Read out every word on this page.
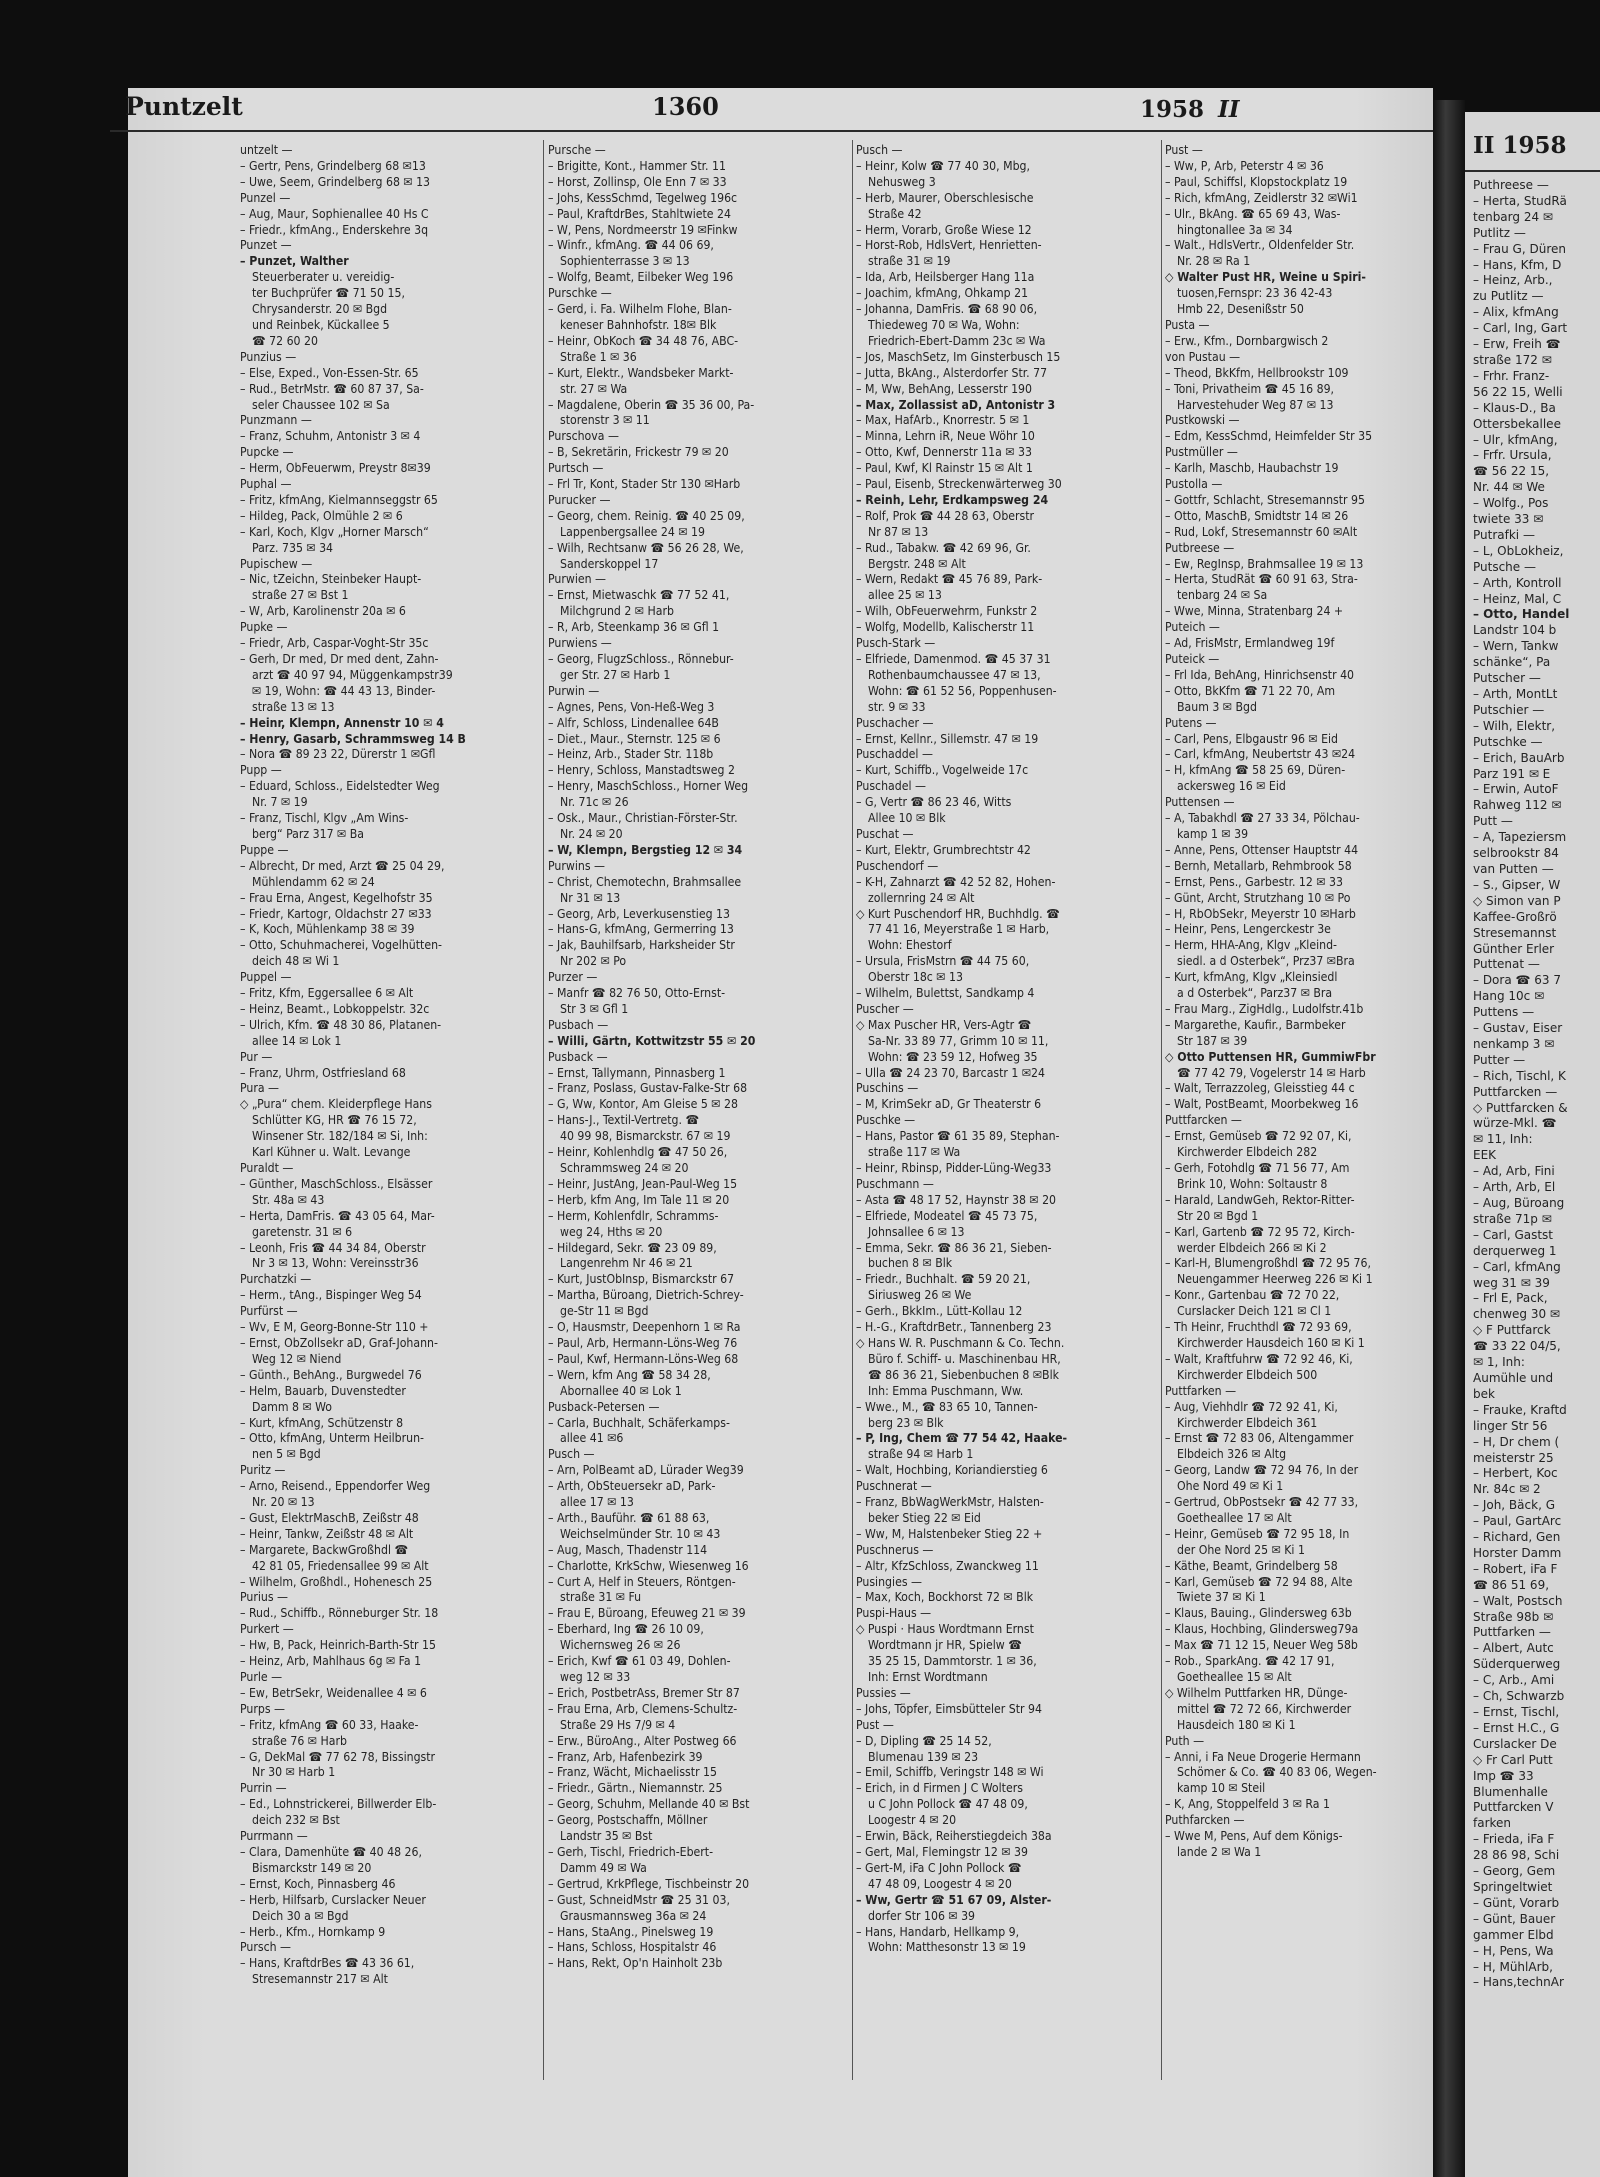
Puntzelt	1360	1958 II
untzelt —
– Gertr, Pens, Grindelberg 68 ✉13
– Uwe, Seem, Grindelberg 68 ✉ 13
Punzel —
– Aug, Maur, Sophienallee 40 Hs C
– Friedr., kfmAng., Enderskehre 3q
Punzet —
– Punzet, Walther
Steuerberater u. vereidig-
ter Buchprüfer ☎ 71 50 15,
Chrysanderstr. 20 ✉ Bgd
und Reinbek, Kückallee 5
☎ 72 60 20
Punzius —
– Else, Exped., Von-Essen-Str. 65
– Rud., BetrMstr. ☎ 60 87 37, Sa-
seler Chaussee 102 ✉ Sa
Punzmann —
– Franz, Schuhm, Antonistr 3 ✉ 4
Pupcke —
– Herm, ObFeuerwm, Preystr 8✉39
Puphal —
– Fritz, kfmAng, Kielmannseggstr 65
– Hildeg, Pack, Olmühle 2 ✉ 6
– Karl, Koch, Klgv „Horner Marsch“
Parz. 735 ✉ 34
Pupischew —
– Nic, tZeichn, Steinbeker Haupt-
straße 27 ✉ Bst 1
– W, Arb, Karolinenstr 20a ✉ 6
Pupke —
– Friedr, Arb, Caspar-Voght-Str 35c
– Gerh, Dr med, Dr med dent, Zahn-
arzt ☎ 40 97 94, Müggenkampstr39
✉ 19, Wohn: ☎ 44 43 13, Binder-
straße 13 ✉ 13
– Heinr, Klempn, Annenstr 10 ✉ 4
– Henry, Gasarb, Schrammsweg 14 B
– Nora ☎ 89 23 22, Dürerstr 1 ✉Gfl
Pupp —
– Eduard, Schloss., Eidelstedter Weg
Nr. 7 ✉ 19
– Franz, Tischl, Klgv „Am Wins-
berg“ Parz 317 ✉ Ba
Puppe —
– Albrecht, Dr med, Arzt ☎ 25 04 29,
Mühlendamm 62 ✉ 24
– Frau Erna, Angest, Kegelhofstr 35
– Friedr, Kartogr, Oldachstr 27 ✉33
– K, Koch, Mühlenkamp 38 ✉ 39
– Otto, Schuhmacherei, Vogelhütten-
deich 48 ✉ Wi 1
Puppel —
– Fritz, Kfm, Eggersallee 6 ✉ Alt
– Heinz, Beamt., Lobkoppelstr. 32c
– Ulrich, Kfm. ☎ 48 30 86, Platanen-
allee 14 ✉ Lok 1
Pur —
– Franz, Uhrm, Ostfriesland 68
Pura —
◇ „Pura“ chem. Kleiderpflege Hans
Schlütter KG, HR ☎ 76 15 72,
Winsener Str. 182/184 ✉ Si, Inh:
Karl Kühner u. Walt. Levange
Puraldt —
– Günther, MaschSchloss., Elsässer
Str. 48a ✉ 43
– Herta, DamFris. ☎ 43 05 64, Mar-
garetenstr. 31 ✉ 6
– Leonh, Fris ☎ 44 34 84, Oberstr
Nr 3 ✉ 13, Wohn: Vereinsstr36
Purchatzki —
– Herm., tAng., Bispinger Weg 54
Purfürst —
– Wv, E M, Georg-Bonne-Str 110 +
– Ernst, ObZollsekr aD, Graf-Johann-
Weg 12 ✉ Niend
– Günth., BehAng., Burgwedel 76
– Helm, Bauarb, Duvenstedter
Damm 8 ✉ Wo
– Kurt, kfmAng, Schützenstr 8
– Otto, kfmAng, Unterm Heilbrun-
nen 5 ✉ Bgd
Puritz —
– Arno, Reisend., Eppendorfer Weg
Nr. 20 ✉ 13
– Gust, ElektrMaschB, Zeißstr 48
– Heinr, Tankw, Zeißstr 48 ✉ Alt
– Margarete, BackwGroßhdl ☎
42 81 05, Friedensallee 99 ✉ Alt
– Wilhelm, Großhdl., Hohenesch 25
Purius —
– Rud., Schiffb., Rönneburger Str. 18
Purkert —
– Hw, B, Pack, Heinrich-Barth-Str 15
– Heinz, Arb, Mahlhaus 6g ✉ Fa 1
Purle —
– Ew, BetrSekr, Weidenallee 4 ✉ 6
Purps —
– Fritz, kfmAng ☎ 60 33, Haake-
straße 76 ✉ Harb
– G, DekMal ☎ 77 62 78, Bissingstr
Nr 30 ✉ Harb 1
Purrin —
– Ed., Lohnstrickerei, Billwerder Elb-
deich 232 ✉ Bst
Purrmann —
– Clara, Damenhüte ☎ 40 48 26,
Bismarckstr 149 ✉ 20
– Ernst, Koch, Pinnasberg 46
– Herb, Hilfsarb, Curslacker Neuer
Deich 30 a ✉ Bgd
– Herb., Kfm., Hornkamp 9
Pursch —
– Hans, KraftdrBes ☎ 43 36 61,
Stresemannstr 217 ✉ Alt
Pursche —
– Brigitte, Kont., Hammer Str. 11
– Horst, Zollinsp, Ole Enn 7 ✉ 33
– Johs, KessSchmd, Tegelweg 196c
– Paul, KraftdrBes, Stahltwiete 24
– W, Pens, Nordmeerstr 19 ✉Finkw
– Winfr., kfmAng. ☎ 44 06 69,
Sophienterrasse 3 ✉ 13
– Wolfg, Beamt, Eilbeker Weg 196
Purschke —
– Gerd, i. Fa. Wilhelm Flohe, Blan-
keneser Bahnhofstr. 18✉ Blk
– Heinr, ObKoch ☎ 34 48 76, ABC-
Straße 1 ✉ 36
– Kurt, Elektr., Wandsbeker Markt-
str. 27 ✉ Wa
– Magdalene, Oberin ☎ 35 36 00, Pa-
storenstr 3 ✉ 11
Purschova —
– B, Sekretärin, Frickestr 79 ✉ 20
Purtsch —
– Frl Tr, Kont, Stader Str 130 ✉Harb
Purucker —
– Georg, chem. Reinig. ☎ 40 25 09,
Lappenbergsallee 24 ✉ 19
– Wilh, Rechtsanw ☎ 56 26 28, We,
Sanderskoppel 17
Purwien —
– Ernst, Mietwaschk ☎ 77 52 41,
Milchgrund 2 ✉ Harb
– R, Arb, Steenkamp 36 ✉ Gfl 1
Purwiens —
– Georg, FlugzSchloss., Rönnebur-
ger Str. 27 ✉ Harb 1
Purwin —
– Agnes, Pens, Von-Heß-Weg 3
– Alfr, Schloss, Lindenallee 64B
– Diet., Maur., Sternstr. 125 ✉ 6
– Heinz, Arb., Stader Str. 118b
– Henry, Schloss, Manstadtsweg 2
– Henry, MaschSchloss., Horner Weg
Nr. 71c ✉ 26
– Osk., Maur., Christian-Förster-Str.
Nr. 24 ✉ 20
– W, Klempn, Bergstieg 12 ✉ 34
Purwins —
– Christ, Chemotechn, Brahmsallee
Nr 31 ✉ 13
– Georg, Arb, Leverkusenstieg 13
– Hans-G, kfmAng, Germerring 13
– Jak, Bauhilfsarb, Harksheider Str
Nr 202 ✉ Po
Purzer —
– Manfr ☎ 82 76 50, Otto-Ernst-
Str 3 ✉ Gfl 1
Pusbach —
– Willi, Gärtn, Kottwitzstr 55 ✉ 20
Pusback —
– Ernst, Tallymann, Pinnasberg 1
– Franz, Poslass, Gustav-Falke-Str 68
– G, Ww, Kontor, Am Gleise 5 ✉ 28
– Hans-J., Textil-Vertretg. ☎
40 99 98, Bismarckstr. 67 ✉ 19
– Heinr, Kohlenhdlg ☎ 47 50 26,
Schrammsweg 24 ✉ 20
– Heinr, JustAng, Jean-Paul-Weg 15
– Herb, kfm Ang, Im Tale 11 ✉ 20
– Herm, Kohlenfdlr, Schramms-
weg 24, Hths ✉ 20
– Hildegard, Sekr. ☎ 23 09 89,
Langenrehm Nr 46 ✉ 21
– Kurt, JustObInsp, Bismarckstr 67
– Martha, Büroang, Dietrich-Schrey-
ge-Str 11 ✉ Bgd
– O, Hausmstr, Deepenhorn 1 ✉ Ra
– Paul, Arb, Hermann-Löns-Weg 76
– Paul, Kwf, Hermann-Löns-Weg 68
– Wern, kfm Ang ☎ 58 34 28,
Abornallee 40 ✉ Lok 1
Pusback-Petersen —
– Carla, Buchhalt, Schäferkamps-
allee 41 ✉6
Pusch —
– Arn, PolBeamt aD, Lürader Weg39
– Arth, ObSteuersekr aD, Park-
allee 17 ✉ 13
– Arth., Bauführ. ☎ 61 88 63,
Weichselmünder Str. 10 ✉ 43
– Aug, Masch, Thadenstr 114
– Charlotte, KrkSchw, Wiesenweg 16
– Curt A, Helf in Steuers, Röntgen-
straße 31 ✉ Fu
– Frau E, Büroang, Efeuweg 21 ✉ 39
– Eberhard, Ing ☎ 26 10 09,
Wichernsweg 26 ✉ 26
– Erich, Kwf ☎ 61 03 49, Dohlen-
weg 12 ✉ 33
– Erich, PostbetrAss, Bremer Str 87
– Frau Erna, Arb, Clemens-Schultz-
Straße 29 Hs 7/9 ✉ 4
– Erw., BüroAng., Alter Postweg 66
– Franz, Arb, Hafenbezirk 39
– Franz, Wächt, Michaelisstr 15
– Friedr., Gärtn., Niemannstr. 25
– Georg, Schuhm, Mellande 40 ✉ Bst
– Georg, Postschaffn, Möllner
Landstr 35 ✉ Bst
– Gerh, Tischl, Friedrich-Ebert-
Damm 49 ✉ Wa
– Gertrud, KrkPflege, Tischbeinstr 20
– Gust, SchneidMstr ☎ 25 31 03,
Grausmannsweg 36a ✉ 24
– Hans, StaAng., Pinelsweg 19
– Hans, Schloss, Hospitalstr 46
– Hans, Rekt, Op'n Hainholt 23b
Pusch —
– Heinr, Kolw ☎ 77 40 30, Mbg,
Nehusweg 3
– Herb, Maurer, Oberschlesische
Straße 42
– Herm, Vorarb, Große Wiese 12
– Horst-Rob, HdlsVert, Henrietten-
straße 31 ✉ 19
– Ida, Arb, Heilsberger Hang 11a
– Joachim, kfmAng, Ohkamp 21
– Johanna, DamFris. ☎ 68 90 06,
Thiedeweg 70 ✉ Wa, Wohn:
Friedrich-Ebert-Damm 23c ✉ Wa
– Jos, MaschSetz, Im Ginsterbusch 15
– Jutta, BkAng., Alsterdorfer Str. 77
– M, Ww, BehAng, Lesserstr 190
– Max, Zollassist aD, Antonistr 3
– Max, HafArb., Knorrestr. 5 ✉ 1
– Minna, Lehrn iR, Neue Wöhr 10
– Otto, Kwf, Dennerstr 11a ✉ 33
– Paul, Kwf, Kl Rainstr 15 ✉ Alt 1
– Paul, Eisenb, Streckenwärterweg 30
– Reinh, Lehr, Erdkampsweg 24
– Rolf, Prok ☎ 44 28 63, Oberstr
Nr 87 ✉ 13
– Rud., Tabakw. ☎ 42 69 96, Gr.
Bergstr. 248 ✉ Alt
– Wern, Redakt ☎ 45 76 89, Park-
allee 25 ✉ 13
– Wilh, ObFeuerwehrm, Funkstr 2
– Wolfg, Modellb, Kalischerstr 11
Pusch-Stark —
– Elfriede, Damenmod. ☎ 45 37 31
Rothenbaumchaussee 47 ✉ 13,
Wohn: ☎ 61 52 56, Poppenhusen-
str. 9 ✉ 33
Puschacher —
– Ernst, Kellnr., Sillemstr. 47 ✉ 19
Puschaddel —
– Kurt, Schiffb., Vogelweide 17c
Puschadel —
– G, Vertr ☎ 86 23 46, Witts
Allee 10 ✉ Blk
Puschat —
– Kurt, Elektr, Grumbrechtstr 42
Puschendorf —
– K-H, Zahnarzt ☎ 42 52 82, Hohen-
zollernring 24 ✉ Alt
◇ Kurt Puschendorf HR, Buchhdlg. ☎
77 41 16, Meyerstraße 1 ✉ Harb,
Wohn: Ehestorf
– Ursula, FrisMstrn ☎ 44 75 60,
Oberstr 18c ✉ 13
– Wilhelm, Bulettst, Sandkamp 4
Puscher —
◇ Max Puscher HR, Vers-Agtr ☎
Sa-Nr. 33 89 77, Grimm 10 ✉ 11,
Wohn: ☎ 23 59 12, Hofweg 35
– Ulla ☎ 24 23 70, Barcastr 1 ✉24
Puschins —
– M, KrimSekr aD, Gr Theaterstr 6
Puschke —
– Hans, Pastor ☎ 61 35 89, Stephan-
straße 117 ✉ Wa
– Heinr, Rbinsp, Pidder-Lüng-Weg33
Puschmann —
– Asta ☎ 48 17 52, Haynstr 38 ✉ 20
– Elfriede, Modeatel ☎ 45 73 75,
Johnsallee 6 ✉ 13
– Emma, Sekr. ☎ 86 36 21, Sieben-
buchen 8 ✉ Blk
– Friedr., Buchhalt. ☎ 59 20 21,
Siriusweg 26 ✉ We
– Gerh., BkkIm., Lütt-Kollau 12
– H.-G., KraftdrBetr., Tannenberg 23
◇ Hans W. R. Puschmann & Co. Techn.
Büro f. Schiff- u. Maschinenbau HR,
☎ 86 36 21, Siebenbuchen 8 ✉Blk
Inh: Emma Puschmann, Ww.
– Wwe., M., ☎ 83 65 10, Tannen-
berg 23 ✉ Blk
– P, Ing, Chem ☎ 77 54 42, Haake-
straße 94 ✉ Harb 1
– Walt, Hochbing, Koriandierstieg 6
Puschnerat —
– Franz, BbWagWerkMstr, Halsten-
beker Stieg 22 ✉ Eid
– Ww, M, Halstenbeker Stieg 22 +
Puschnerus —
– Altr, KfzSchloss, Zwanckweg 11
Pusingies —
– Max, Koch, Bockhorst 72 ✉ Blk
Puspi-Haus —
◇ Puspi · Haus Wordtmann Ernst
Wordtmann jr HR, Spielw ☎
35 25 15, Dammtorstr. 1 ✉ 36,
Inh: Ernst Wordtmann
Pussies —
– Johs, Töpfer, Eimsbütteler Str 94
Pust —
– D, Dipling ☎ 25 14 52,
Blumenau 139 ✉ 23
– Emil, Schiffb, Veringstr 148 ✉ Wi
– Erich, in d Firmen J C Wolters
u C John Pollock ☎ 47 48 09,
Loogestr 4 ✉ 20
– Erwin, Bäck, Reiherstiegdeich 38a
– Gert, Mal, Flemingstr 12 ✉ 39
– Gert-M, iFa C John Pollock ☎
47 48 09, Loogestr 4 ✉ 20
– Ww, Gertr ☎ 51 67 09, Alster-
dorfer Str 106 ✉ 39
– Hans, Handarb, Hellkamp 9,
Wohn: Matthesonstr 13 ✉ 19
Pust —
– Ww, P, Arb, Peterstr 4 ✉ 36
– Paul, Schiffsl, Klopstockplatz 19
– Rich, kfmAng, Zeidlerstr 32 ✉Wi1
– Ulr., BkAng. ☎ 65 69 43, Was-
hingtonallee 3a ✉ 34
– Walt., HdlsVertr., Oldenfelder Str.
Nr. 28 ✉ Ra 1
◇ Walter Pust HR, Weine u Spiri-
tuosen,Fernspr: 23 36 42-43
Hmb 22, Desenißstr 50
Pusta —
– Erw., Kfm., Dornbargwisch 2
von Pustau —
– Theod, BkKfm, Hellbrookstr 109
– Toni, Privatheim ☎ 45 16 89,
Harvestehuder Weg 87 ✉ 13
Pustkowski —
– Edm, KessSchmd, Heimfelder Str 35
Pustmüller —
– Karlh, Maschb, Haubachstr 19
Pustolla —
– Gottfr, Schlacht, Stresemannstr 95
– Otto, MaschB, Smidtstr 14 ✉ 26
– Rud, Lokf, Stresemannstr 60 ✉Alt
Putbreese —
– Ew, RegInsp, Brahmsallee 19 ✉ 13
– Herta, StudRät ☎ 60 91 63, Stra-
tenbarg 24 ✉ Sa
– Wwe, Minna, Stratenbarg 24 +
Puteich —
– Ad, FrisMstr, Ermlandweg 19f
Puteick —
– Frl Ida, BehAng, Hinrichsenstr 40
– Otto, BkKfm ☎ 71 22 70, Am
Baum 3 ✉ Bgd
Putens —
– Carl, Pens, Elbgaustr 96 ✉ Eid
– Carl, kfmAng, Neubertstr 43 ✉24
– H, kfmAng ☎ 58 25 69, Düren-
ackersweg 16 ✉ Eid
Puttensen —
– A, Tabakhdl ☎ 27 33 34, Pölchau-
kamp 1 ✉ 39
– Anne, Pens, Ottenser Hauptstr 44
– Bernh, Metallarb, Rehmbrook 58
– Ernst, Pens., Garbestr. 12 ✉ 33
– Günt, Archt, Strutzhang 10 ✉ Po
– H, RbObSekr, Meyerstr 10 ✉Harb
– Heinr, Pens, Lengerckestr 3e
– Herm, HHA-Ang, Klgv „Kleind-
siedl. a d Osterbek“, Prz37 ✉Bra
– Kurt, kfmAng, Klgv „Kleinsiedl
a d Osterbek“, Parz37 ✉ Bra
– Frau Marg., ZigHdlg., Ludolfstr.41b
– Margarethe, Kaufir., Barmbeker
Str 187 ✉ 39
◇ Otto Puttensen HR, GummiwFbr
☎ 77 42 79, Vogelerstr 14 ✉ Harb
– Walt, Terrazzoleg, Gleisstieg 44 c
– Walt, PostBeamt, Moorbekweg 16
Puttfarcken —
– Ernst, Gemüseb ☎ 72 92 07, Ki,
Kirchwerder Elbdeich 282
– Gerh, Fotohdlg ☎ 71 56 77, Am
Brink 10, Wohn: Soltaustr 8
– Harald, LandwGeh, Rektor-Ritter-
Str 20 ✉ Bgd 1
– Karl, Gartenb ☎ 72 95 72, Kirch-
werder Elbdeich 266 ✉ Ki 2
– Karl-H, Blumengroßhdl ☎ 72 95 76,
Neuengammer Heerweg 226 ✉ Ki 1
– Konr., Gartenbau ☎ 72 70 22,
Curslacker Deich 121 ✉ Cl 1
– Th Heinr, Fruchthdl ☎ 72 93 69,
Kirchwerder Hausdeich 160 ✉ Ki 1
– Walt, Kraftfuhrw ☎ 72 92 46, Ki,
Kirchwerder Elbdeich 500
Puttfarken —
– Aug, Viehhdlr ☎ 72 92 41, Ki,
Kirchwerder Elbdeich 361
– Ernst ☎ 72 83 06, Altengammer
Elbdeich 326 ✉ Altg
– Georg, Landw ☎ 72 94 76, In der
Ohe Nord 49 ✉ Ki 1
– Gertrud, ObPostsekr ☎ 42 77 33,
Goetheallee 17 ✉ Alt
– Heinr, Gemüseb ☎ 72 95 18, In
der Ohe Nord 25 ✉ Ki 1
– Käthe, Beamt, Grindelberg 58
– Karl, Gemüseb ☎ 72 94 88, Alte
Twiete 37 ✉ Ki 1
– Klaus, Bauing., Glindersweg 63b
– Klaus, Hochbing, Glindersweg79a
– Max ☎ 71 12 15, Neuer Weg 58b
– Rob., SparkAng. ☎ 42 17 91,
Goetheallee 15 ✉ Alt
◇ Wilhelm Puttfarken HR, Dünge-
mittel ☎ 72 72 66, Kirchwerder
Hausdeich 180 ✉ Ki 1
Puth —
– Anni, i Fa Neue Drogerie Hermann
Schömer & Co. ☎ 40 83 06, Wegen-
kamp 10 ✉ Steil
– K, Ang, Stoppelfeld 3 ✉ Ra 1
Puthfarcken —
– Wwe M, Pens, Auf dem Königs-
lande 2 ✉ Wa 1
II 1958
Puthreese —
– Herta, StudRä
tenbarg 24 ✉
Putlitz —
– Frau G, Düren
– Hans, Kfm, D
– Heinz, Arb.,
zu Putlitz —
– Alix, kfmAng
– Carl, Ing, Gart
– Erw, Freih ☎
straße 172 ✉
– Frhr. Franz-
56 22 15, Welli
– Klaus-D., Ba
Ottersbekallee
– Ulr, kfmAng,
– Frfr. Ursula,
☎ 56 22 15,
Nr. 44 ✉ We
– Wolfg., Pos
twiete 33 ✉
Putrafki —
– L, ObLokheiz,
Putsche —
– Arth, Kontroll
– Heinz, Mal, C
– Otto, Handel
Landstr 104 b
– Wern, Tankw
schänke“, Pa
Putscher —
– Arth, MontLt
Putschier —
– Wilh, Elektr,
Putschke —
– Erich, BauArb
Parz 191 ✉ E
– Erwin, AutoF
Rahweg 112 ✉
Putt —
– A, Tapeziersm
selbrookstr 84
van Putten —
– S., Gipser, W
◇ Simon van P
Kaffee-Großrö
Stresemannst
Günther Erler
Puttenat —
– Dora ☎ 63 7
Hang 10c ✉
Puttens —
– Gustav, Eiser
nenkamp 3 ✉
Putter —
– Rich, Tischl, K
Puttfarcken —
◇ Puttfarcken &
würze-Mkl. ☎
✉ 11, Inh:
EEK
– Ad, Arb, Fini
– Arth, Arb, El
– Aug, Büroang
straße 71p ✉
– Carl, Gastst
derquerweg 1
– Carl, kfmAng
weg 31 ✉ 39
– Frl E, Pack,
chenweg 30 ✉
◇ F Puttfarck
☎ 33 22 04/5,
✉ 1, Inh:
Aumühle und
bek
– Frauke, Kraftd
linger Str 56
– H, Dr chem (
meisterstr 25
– Herbert, Koc
Nr. 84c ✉ 2
– Joh, Bäck, G
– Paul, GartArc
– Richard, Gen
Horster Damm
– Robert, iFa F
☎ 86 51 69,
– Walt, Postsch
Straße 98b ✉
Puttfarken —
– Albert, Autc
Süderquerweg
– C, Arb., Ami
– Ch, Schwarzb
– Ernst, Tischl,
– Ernst H.C., G
Curslacker De
◇ Fr Carl Putt
Imp ☎ 33
Blumenhalle
Puttfarcken V
farken
– Frieda, iFa F
28 86 98, Schi
– Georg, Gem
Springeltwiet
– Günt, Vorarb
– Günt, Bauer
gammer Elbd
– H, Pens, Wa
– H, MühlArb,
– Hans,technAr
